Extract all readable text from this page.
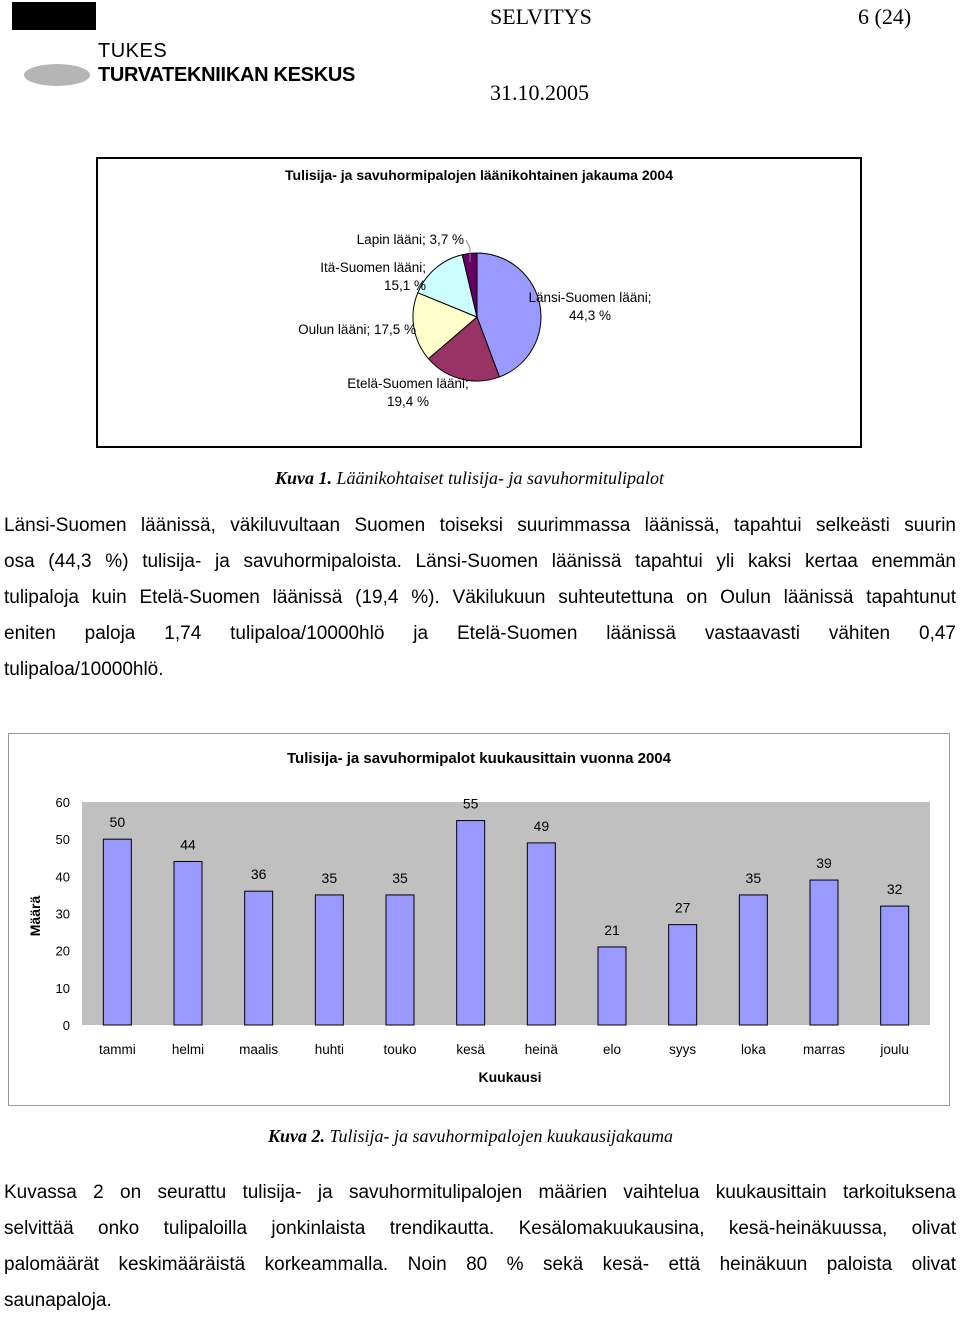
TUKES
TURVATEKNIIKAN KESKUS
SELVITYS	6 (24)
31.10.2005
Tulisija- ja savuhormipalojen läänikohtainen jakauma 2004
Länsi-Suomen lääni; 44,3 %
Etelä-Suomen lääni; 19,4 %
Oulun lääni; 17,5 %
Itä-Suomen lääni; 15,1 %
Lapin lääni; 3,7 %
Kuva 1. Läänikohtaiset tulisija- ja savuhormitulipalot
Länsi-Suomen läänissä, väkiluvultaan Suomen toiseksi suurimmassa läänissä, tapahtui selkeästi suurin
osa (44,3 %) tulisija- ja savuhormipaloista. Länsi-Suomen läänissä tapahtui yli kaksi kertaa enemmän
tulipaloja kuin Etelä-Suomen läänissä (19,4 %). Väkilukuun suhteutettuna on Oulun läänissä tapahtunut
eniten paloja 1,74 tulipaloa/10000hlö ja Etelä-Suomen läänissä vastaavasti vähiten 0,47
tulipaloa/10000hlö.
Tulisija- ja savuhormipalot kuukausittain vuonna 2004
0
10
20
30
40
50
60
50
tammi
44
helmi
36
maalis
35
huhti
35
touko
55
kesä
49
heinä
21
elo
27
syys
35
loka
39
marras
32
joulu
Kuukausi
Määrä
Kuva 2. Tulisija- ja savuhormipalojen kuukausijakauma
Kuvassa 2 on seurattu tulisija- ja savuhormitulipalojen määrien vaihtelua kuukausittain tarkoituksena
selvittää onko tulipaloilla jonkinlaista trendikautta. Kesälomakuukausina, kesä-heinäkuussa, olivat
palomäärät keskimääräistä korkeammalla. Noin 80 % sekä kesä- että heinäkuun paloista olivat
saunapaloja.
